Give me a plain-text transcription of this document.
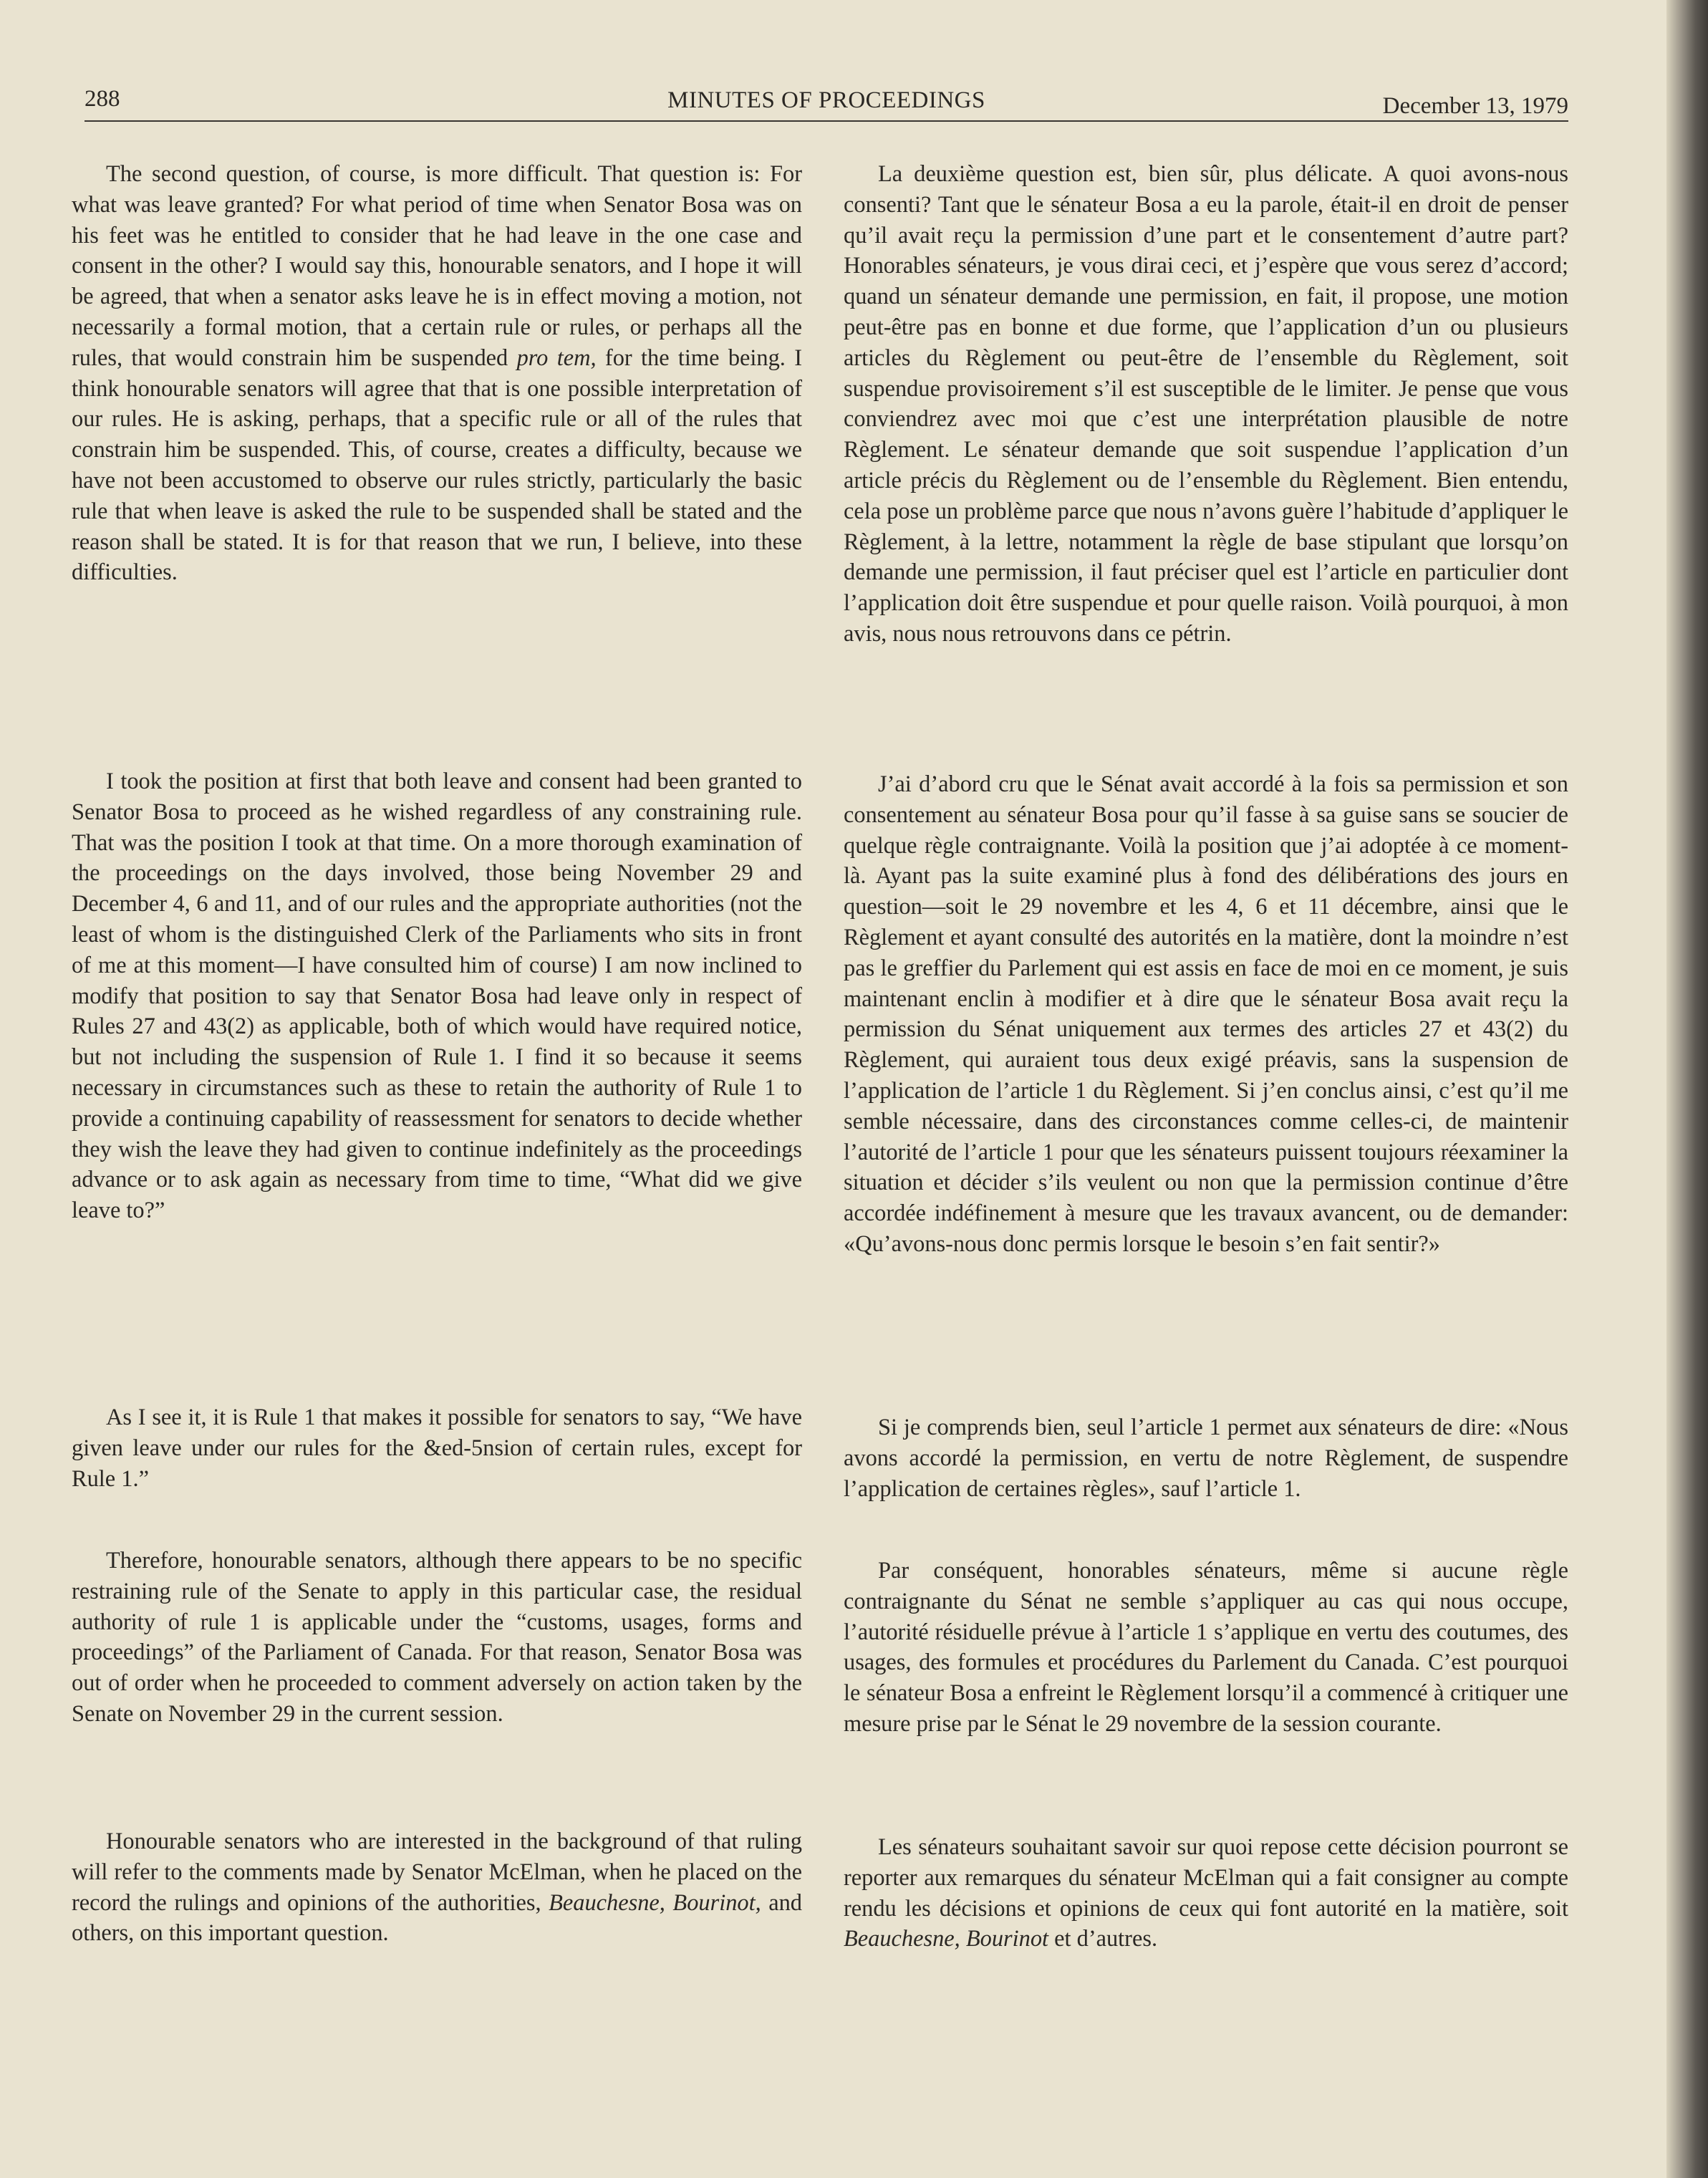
288	MINUTES OF PROCEEDINGS	December 13, 1979

The second question, of course, is more difficult. That question is: For what was leave granted? For what period of time when Senator Bosa was on his feet was he entitled to consider that he had leave in the one case and consent in the other? I would say this, honourable senators, and I hope it will be agreed, that when a senator asks leave he is in effect moving a motion, not necessarily a formal motion, that a certain rule or rules, or perhaps all the rules, that would constrain him be suspended pro tem, for the time being. I think honourable senators will agree that that is one possible interpretation of our rules. He is asking, perhaps, that a specific rule or all of the rules that constrain him be suspended. This, of course, creates a difficulty, because we have not been accustomed to observe our rules strictly, particularly the basic rule that when leave is asked the rule to be suspended shall be stated and the reason shall be stated. It is for that reason that we run, I believe, into these difficulties.

I took the position at first that both leave and consent had been granted to Senator Bosa to proceed as he wished regardless of any constraining rule. That was the position I took at that time. On a more thorough examination of the proceedings on the days involved, those being November 29 and December 4, 6 and 11, and of our rules and the appropriate authorities (not the least of whom is the distinguished Clerk of the Parliaments who sits in front of me at this moment—I have consulted him of course) I am now inclined to modify that position to say that Senator Bosa had leave only in respect of Rules 27 and 43(2) as applicable, both of which would have required notice, but not including the suspension of Rule 1. I find it so because it seems necessary in circumstances such as these to retain the authority of Rule 1 to provide a continuing capability of reassessment for senators to decide whether they wish the leave they had given to continue indefinitely as the proceedings advance or to ask again as necessary from time to time, “What did we give leave to?”

As I see it, it is Rule 1 that makes it possible for senators to say, “We have given leave under our rules for the &ed-5nsion of certain rules, except for Rule 1.”

Therefore, honourable senators, although there appears to be no specific restraining rule of the Senate to apply in this particular case, the residual authority of rule 1 is applicable under the “customs, usages, forms and proceedings” of the Parliament of Canada. For that reason, Senator Bosa was out of order when he proceeded to comment adversely on action taken by the Senate on November 29 in the current session.

Honourable senators who are interested in the background of that ruling will refer to the comments made by Senator McElman, when he placed on the record the rulings and opinions of the authorities, Beauchesne, Bourinot, and others, on this important question.

La deuxième question est, bien sûr, plus délicate. A quoi avons-nous consenti? Tant que le sénateur Bosa a eu la parole, était-il en droit de penser qu’il avait reçu la permission d’une part et le consentement d’autre part? Honorables sénateurs, je vous dirai ceci, et j’espère que vous serez d’accord; quand un sénateur demande une permission, en fait, il propose, une motion peut-être pas en bonne et due forme, que l’application d’un ou plusieurs articles du Règlement ou peut-être de l’ensemble du Règlement, soit suspendue provisoirement s’il est susceptible de le limiter. Je pense que vous conviendrez avec moi que c’est une interprétation plausible de notre Règlement. Le sénateur demande que soit suspendue l’application d’un article précis du Règlement ou de l’ensemble du Règlement. Bien entendu, cela pose un problème parce que nous n’avons guère l’habitude d’appliquer le Règlement, à la lettre, notamment la règle de base stipulant que lorsqu’on demande une permission, il faut préciser quel est l’article en particulier dont l’application doit être suspendue et pour quelle raison. Voilà pourquoi, à mon avis, nous nous retrouvons dans ce pétrin.

J’ai d’abord cru que le Sénat avait accordé à la fois sa permission et son consentement au sénateur Bosa pour qu’il fasse à sa guise sans se soucier de quelque règle contraignante. Voilà la position que j’ai adoptée à ce moment-là. Ayant pas la suite examiné plus à fond des délibérations des jours en question—soit le 29 novembre et les 4, 6 et 11 décembre, ainsi que le Règlement et ayant consulté des autorités en la matière, dont la moindre n’est pas le greffier du Parlement qui est assis en face de moi en ce moment, je suis maintenant enclin à modifier et à dire que le sénateur Bosa avait reçu la permission du Sénat uniquement aux termes des articles 27 et 43(2) du Règlement, qui auraient tous deux exigé préavis, sans la suspension de l’application de l’article 1 du Règlement. Si j’en conclus ainsi, c’est qu’il me semble nécessaire, dans des circonstances comme celles-ci, de maintenir l’autorité de l’article 1 pour que les sénateurs puissent toujours réexaminer la situation et décider s’ils veulent ou non que la permission continue d’être accordée indéfinement à mesure que les travaux avancent, ou de demander: «Qu’avons-nous donc permis lorsque le besoin s’en fait sentir?»

Si je comprends bien, seul l’article 1 permet aux sénateurs de dire: «Nous avons accordé la permission, en vertu de notre Règlement, de suspendre l’application de certaines règles», sauf l’article 1.

Par conséquent, honorables sénateurs, même si aucune règle contraignante du Sénat ne semble s’appliquer au cas qui nous occupe, l’autorité résiduelle prévue à l’article 1 s’applique en vertu des coutumes, des usages, des formules et procédures du Parlement du Canada. C’est pourquoi le sénateur Bosa a enfreint le Règlement lorsqu’il a commencé à critiquer une mesure prise par le Sénat le 29 novembre de la session courante.

Les sénateurs souhaitant savoir sur quoi repose cette décision pourront se reporter aux remarques du sénateur McElman qui a fait consigner au compte rendu les décisions et opinions de ceux qui font autorité en la matière, soit Beauchesne, Bourinot et d’autres.
